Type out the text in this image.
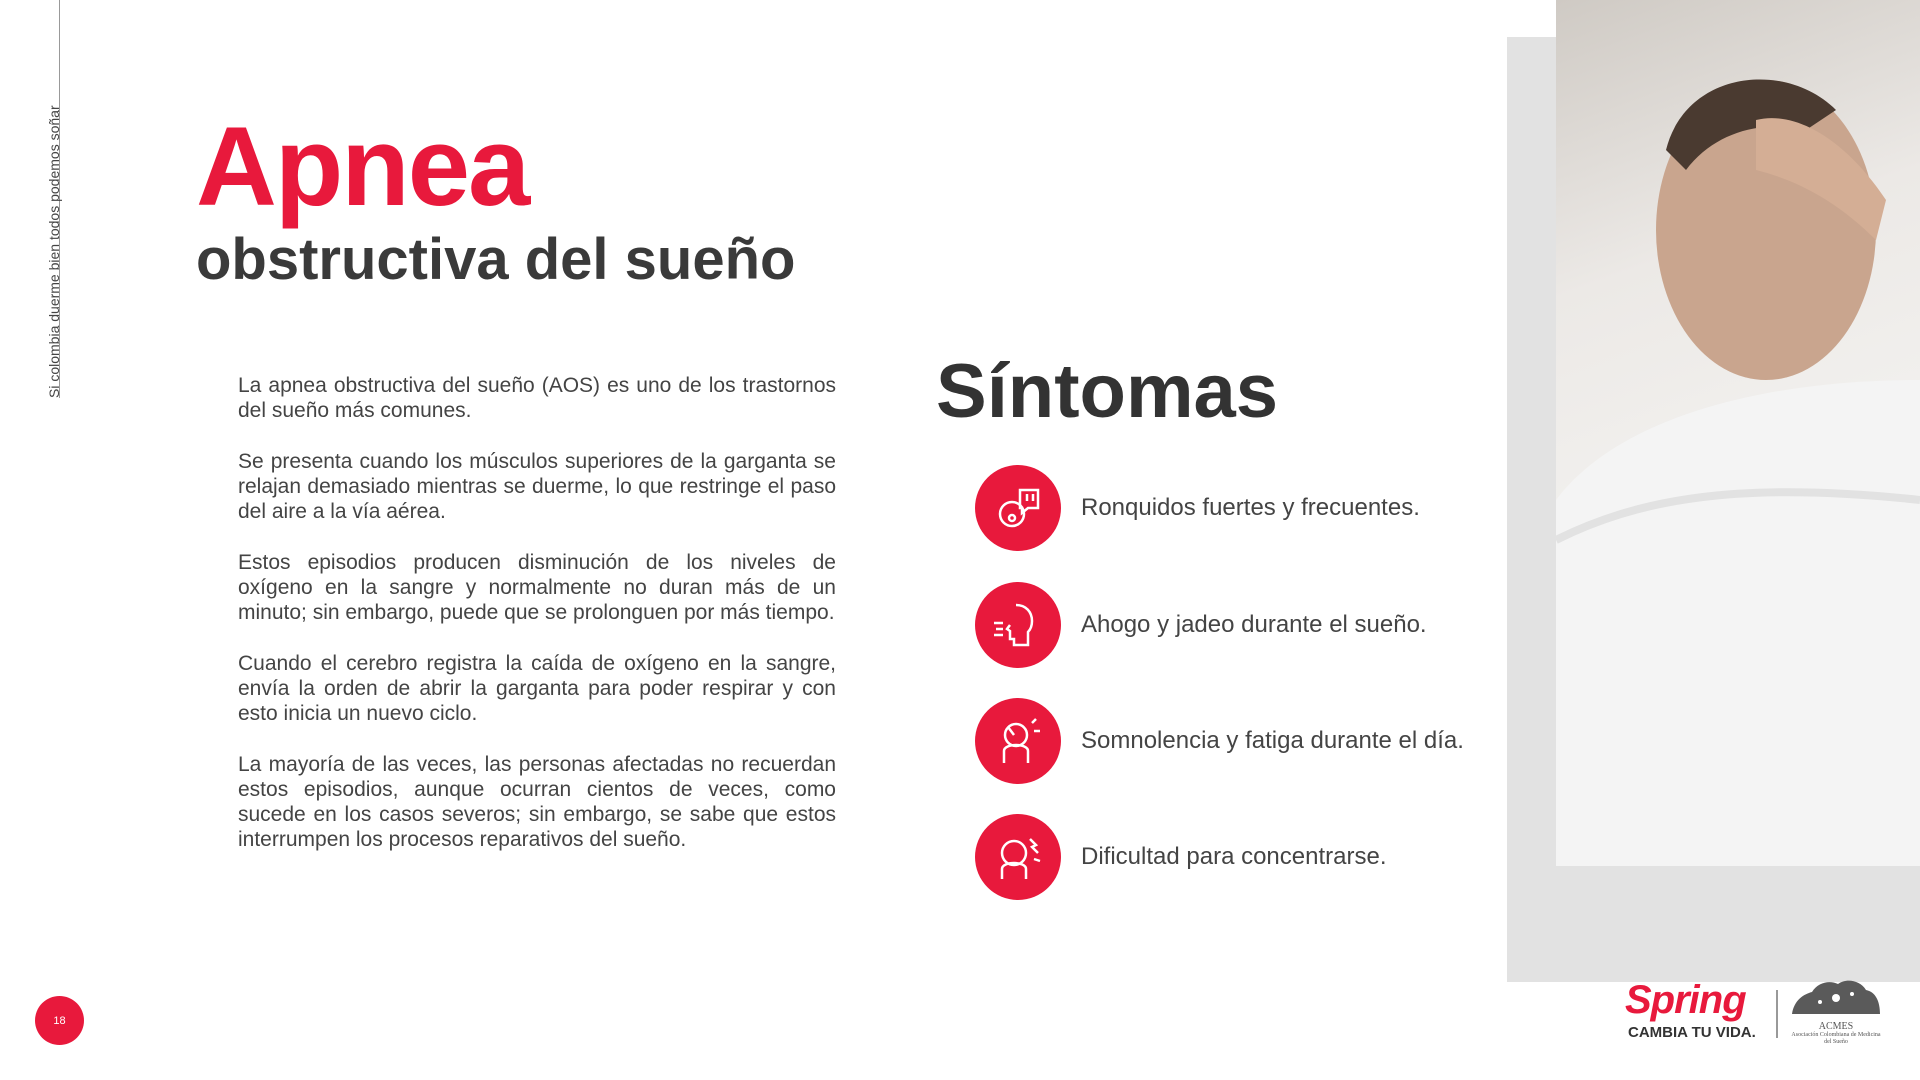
Si colombia duerme bien todos podemos soñar Apnea
obstructiva del sueño

La apnea obstructiva del sueño (AOS) es uno de los trastornos del sueño más comunes.

Se presenta cuando los músculos superiores de la garganta se relajan demasiado mientras se duerme, lo que restringe el paso del aire a la vía aérea.

Estos episodios producen disminución de los niveles de oxígeno en la sangre y normalmente no duran más de un minuto; sin embargo, puede que se prolonguen por más tiempo.

Cuando el cerebro registra la caída de oxígeno en la sangre, envía la orden de abrir la garganta para poder respirar y con esto inicia un nuevo ciclo.

La mayoría de las veces, las personas afectadas no recuerdan estos episodios, aunque ocurran cientos de veces, como sucede en los casos severos; sin embargo, se sabe que estos interrumpen los procesos reparativos del sueño.

Síntomas
Ronquidos fuertes y frecuentes.
Ahogo y jadeo durante el sueño.
Somnolencia y fatiga durante el día.
Dificultad para concentrarse.
18	Spring
CAMBIA TU VIDA.	ACMES
Asociación Colombiana de Medicina del Sueño
